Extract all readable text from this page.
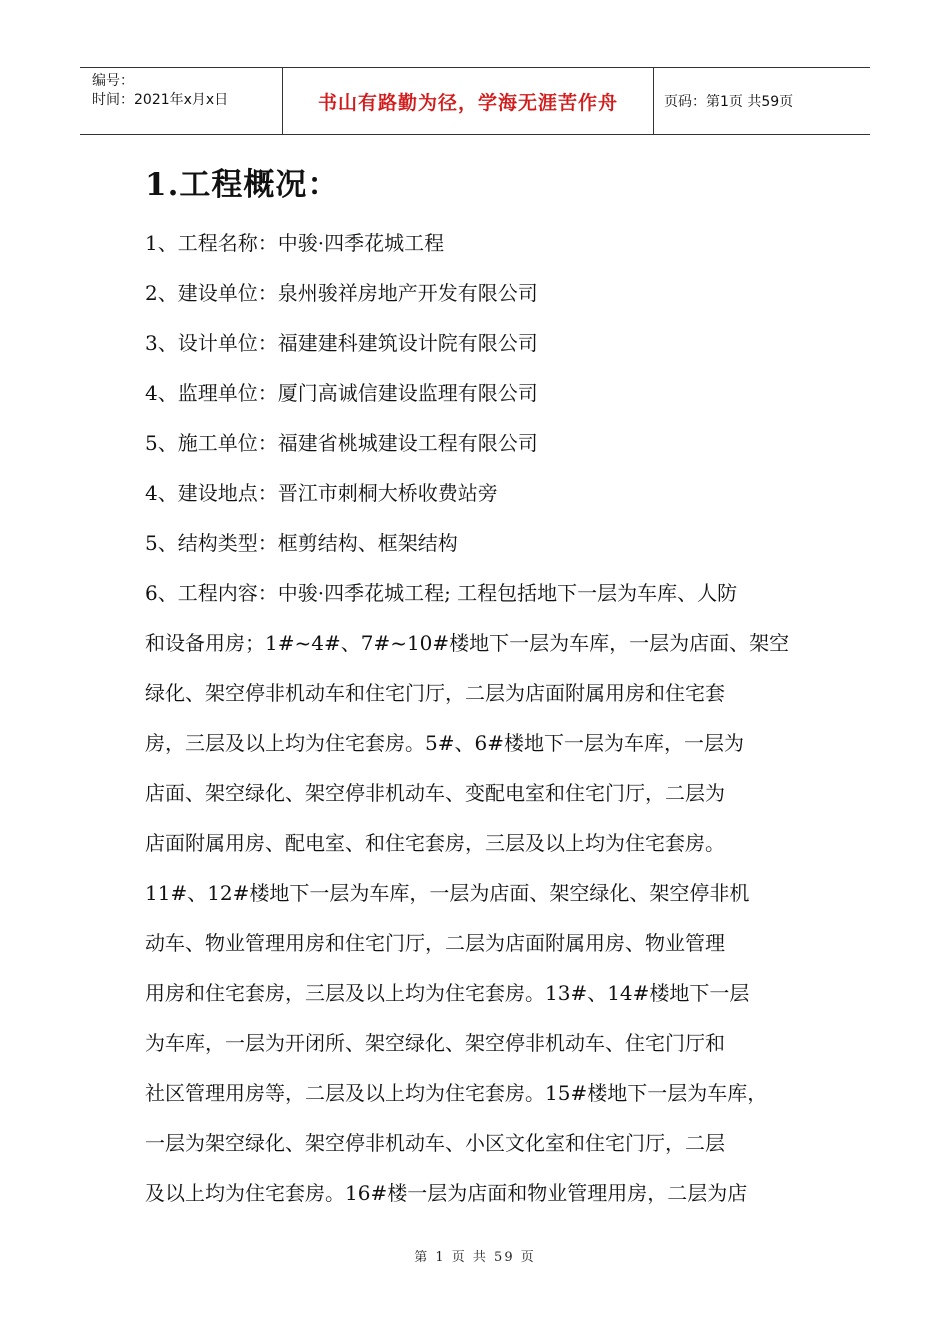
编号：
时间：2021年x月x日	书山有路勤为径，学海无涯苦作舟	页码：第1页 共59页
1.工程概况：
1、工程名称：中骏·四季花城工程
2、建设单位：泉州骏祥房地产开发有限公司
3、设计单位：福建建科建筑设计院有限公司
4、监理单位：厦门高诚信建设监理有限公司
5、施工单位：福建省桃城建设工程有限公司
4、建设地点：晋江市刺桐大桥收费站旁
5、结构类型：框剪结构、框架结构
6、工程内容：中骏·四季花城工程; 工程包括地下一层为车库、人防
和设备用房；1#~4#、7#~10#楼地下一层为车库，一层为店面、架空
绿化、架空停非机动车和住宅门厅，二层为店面附属用房和住宅套
房，三层及以上均为住宅套房。5#、6#楼地下一层为车库，一层为
店面、架空绿化、架空停非机动车、变配电室和住宅门厅，二层为
店面附属用房、配电室、和住宅套房，三层及以上均为住宅套房。
11#、12#楼地下一层为车库，一层为店面、架空绿化、架空停非机
动车、物业管理用房和住宅门厅，二层为店面附属用房、物业管理
用房和住宅套房，三层及以上均为住宅套房。13#、14#楼地下一层
为车库，一层为开闭所、架空绿化、架空停非机动车、住宅门厅和
社区管理用房等，二层及以上均为住宅套房。15#楼地下一层为车库，
一层为架空绿化、架空停非机动车、小区文化室和住宅门厅，二层
及以上均为住宅套房。16#楼一层为店面和物业管理用房，二层为店
第 1 页 共 59 页
